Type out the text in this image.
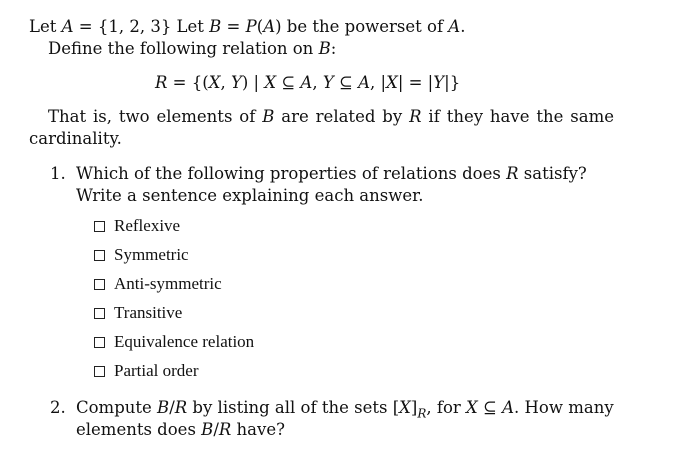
Let A = {1, 2, 3} Let B = P(A) be the powerset of A.
Define the following relation on B:
R = {(X, Y) | X ⊆ A, Y ⊆ A, |X| = |Y|}
That is, two elements of B are related by R if they have the same
cardinality.
1. Which of the following properties of relations does R satisfy?
Write a sentence explaining each answer.
Reflexive
Symmetric
Anti-symmetric
Transitive
Equivalence relation
Partial order
2. Compute B/R by listing all of the sets $[X]_R$, for X ⊆ A. How many
elements does B/R have?
